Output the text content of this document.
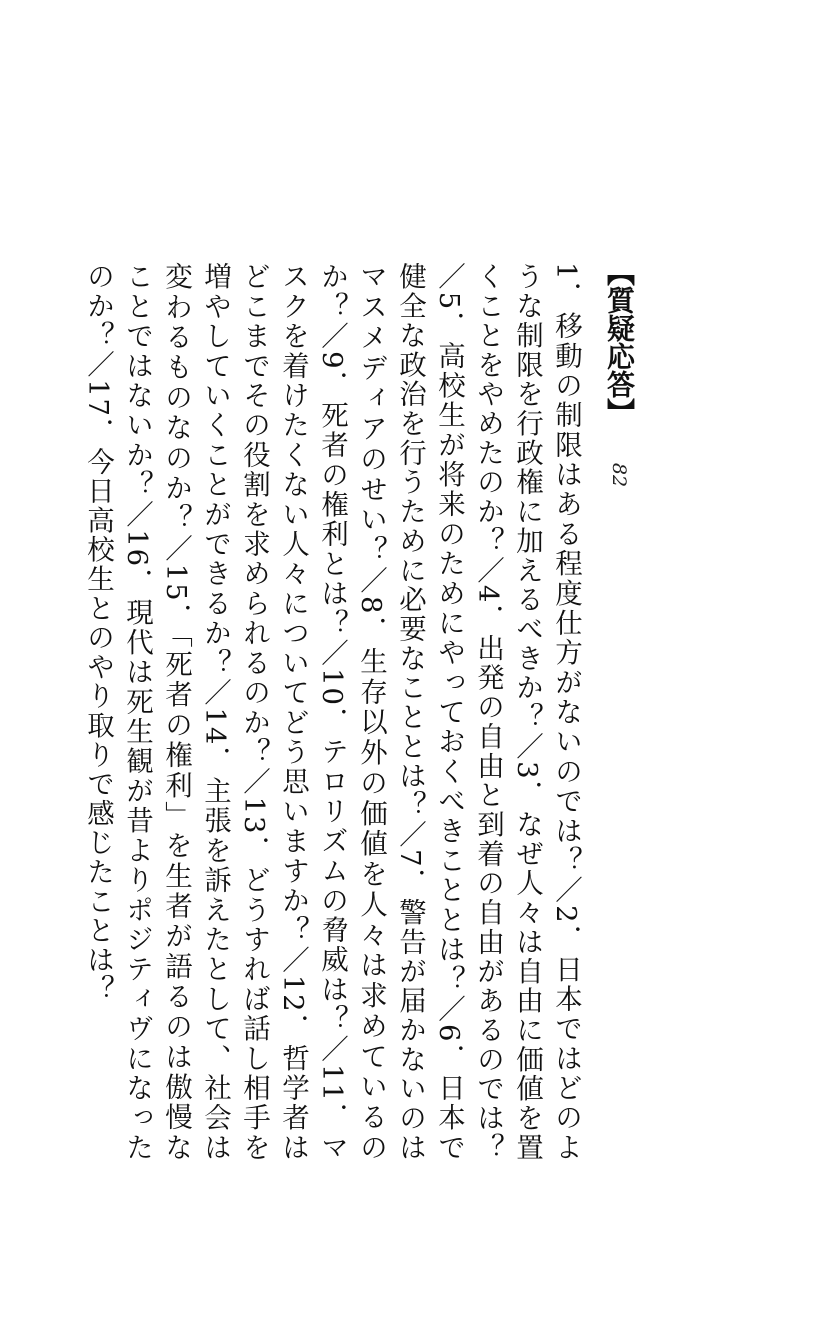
【質疑応答】
82

1．移動の制限はある程度仕方がないのでは？／2．日本ではどのような制限を行政権に加えるべきか？／3．なぜ人々は自由に価値を置くことをやめたのか？／4．出発の自由と到着の自由があるのでは？／5．高校生が将来のためにやっておくべきこととは？／6．日本で健全な政治を行うために必要なこととは？／7．警告が届かないのはマスメディアのせい？／8．生存以外の価値を人々は求めているのか？／9．死者の権利とは？／10．テロリズムの脅威は？／11．マスクを着けたくない人々についてどう思いますか？／12．哲学者はどこまでその役割を求められるのか？／13．どうすれば話し相手を増やしていくことができるか？／14．主張を訴えたとして、社会は変わるものなのか？／15．「死者の権利」を生者が語るのは傲慢なことではないか？／16．現代は死生観が昔よりポジティヴになったのか？／17．今日高校生とのやり取りで感じたことは？
